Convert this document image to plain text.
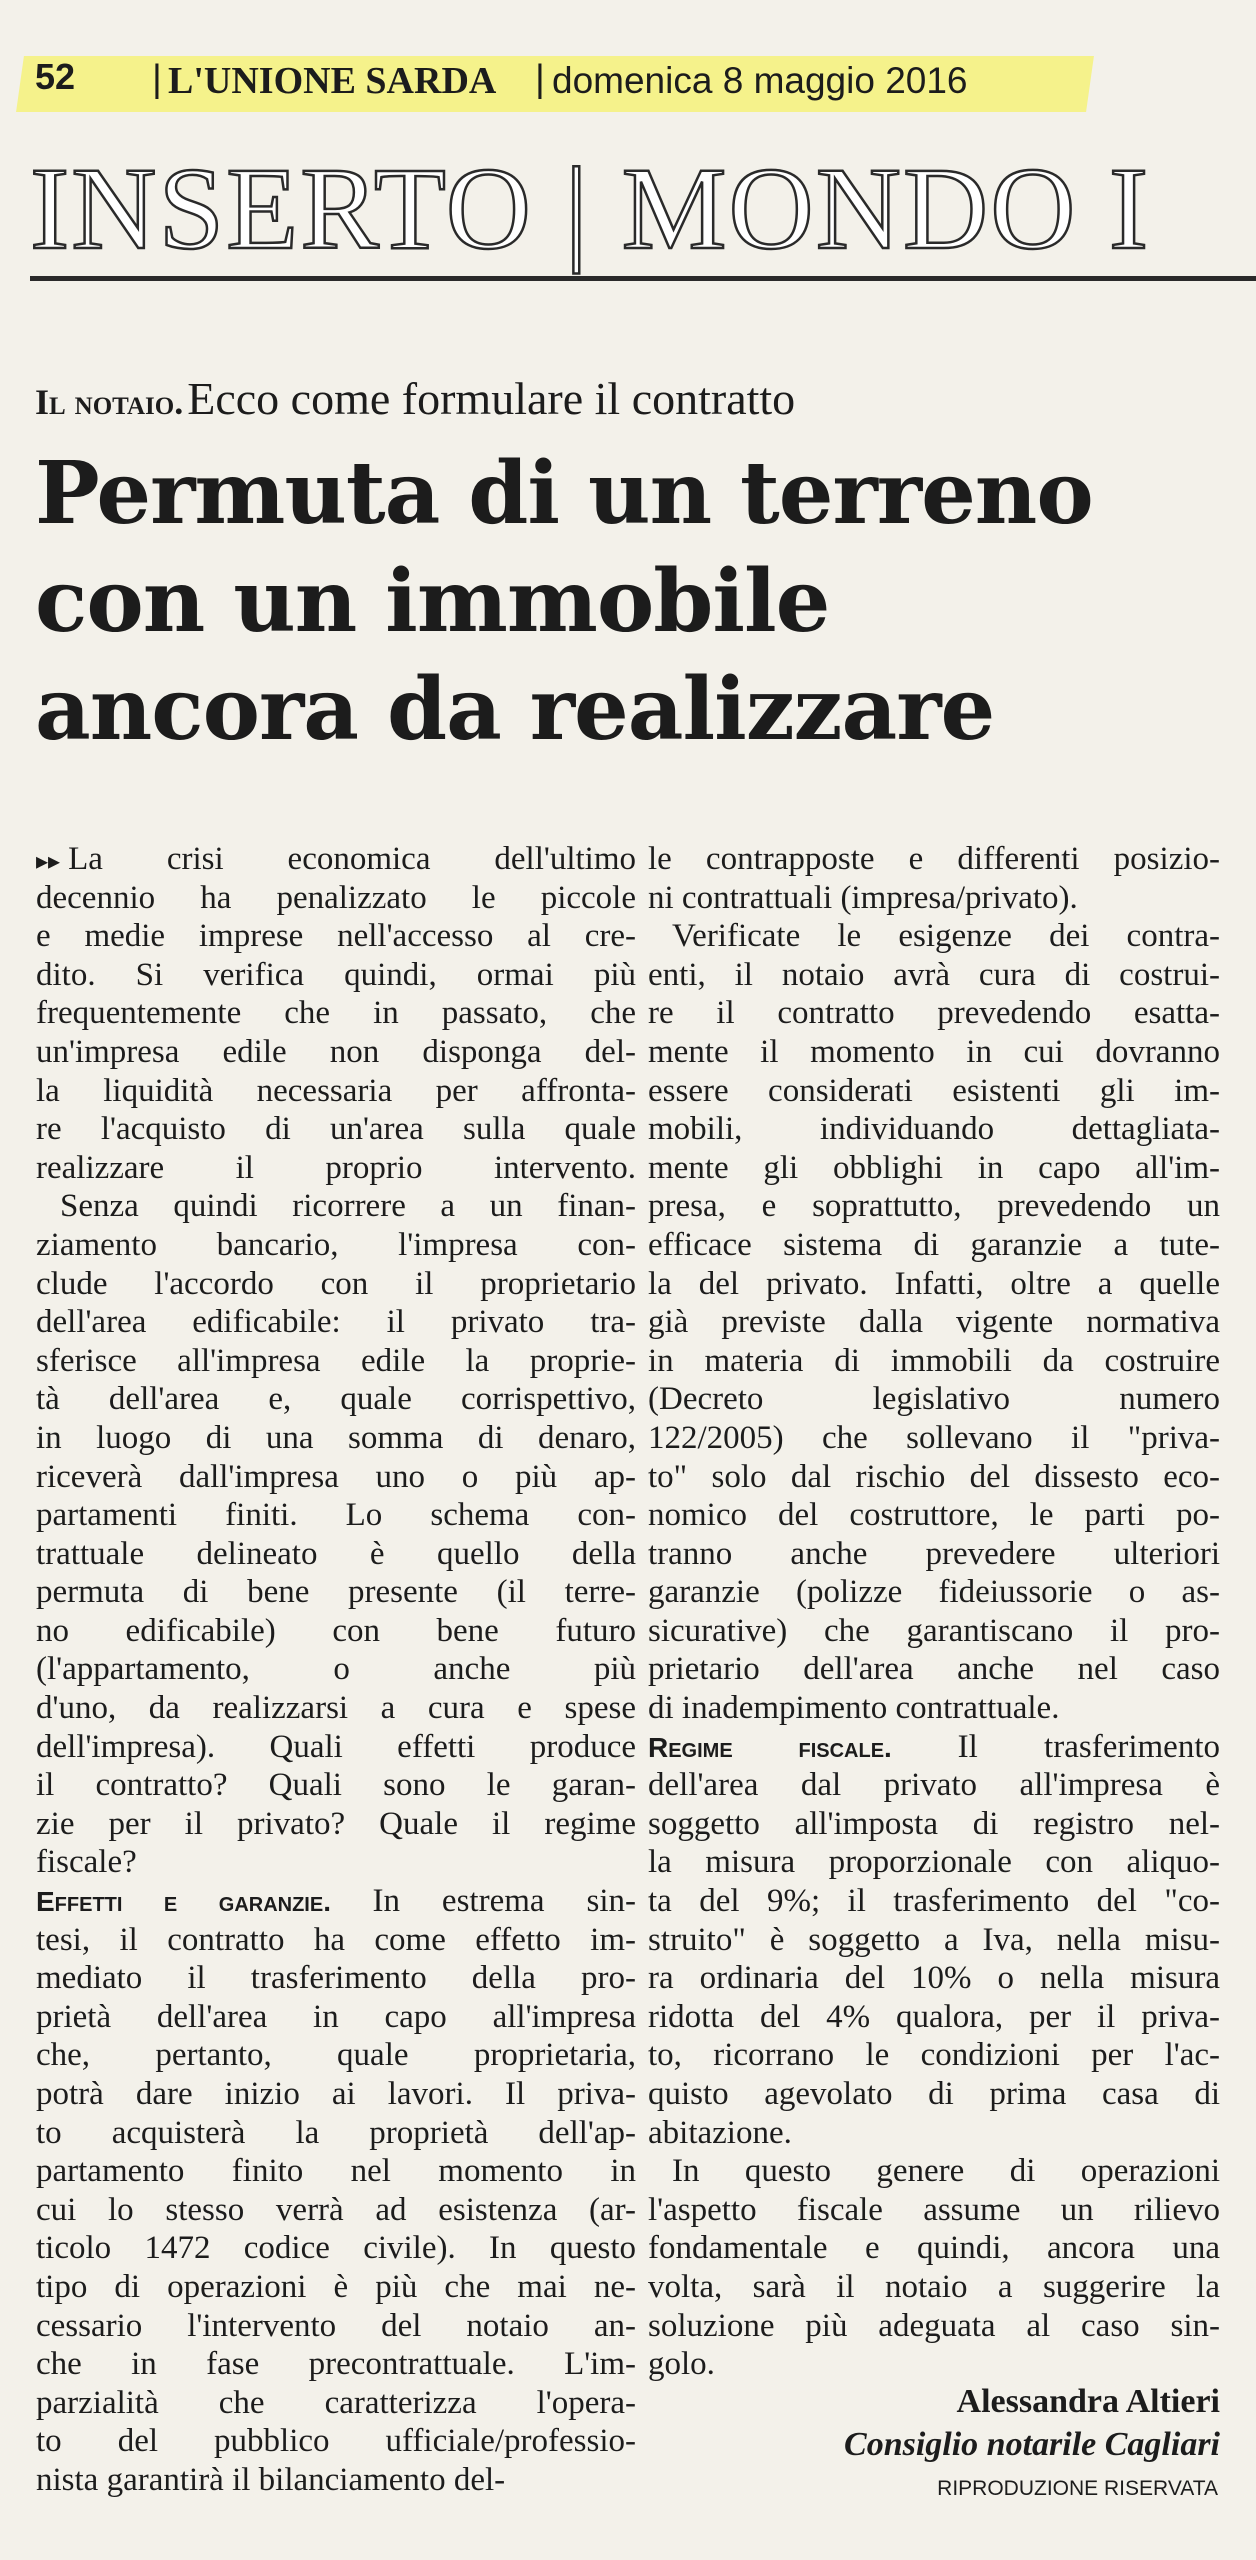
52 | L'UNIONE SARDA | domenica 8 maggio 2016
INSERTO | MONDO I
Il notaio. Ecco come formulare il contratto
Permuta di un terreno
con un immobile
ancora da realizzare
▸▸ La crisi economica dell'ultimo
decennio ha penalizzato le piccole
e medie imprese nell'accesso al cre-
dito. Si verifica quindi, ormai più
frequentemente che in passato, che
un'impresa edile non disponga del-
la liquidità necessaria per affronta-
re l'acquisto di un'area sulla quale
realizzare il proprio intervento.
Senza quindi ricorrere a un finan-
ziamento bancario, l'impresa con-
clude l'accordo con il proprietario
dell'area edificabile: il privato tra-
sferisce all'impresa edile la proprie-
tà dell'area e, quale corrispettivo,
in luogo di una somma di denaro,
riceverà dall'impresa uno o più ap-
partamenti finiti. Lo schema con-
trattuale delineato è quello della
permuta di bene presente (il terre-
no edificabile) con bene futuro
(l'appartamento, o anche più
d'uno, da realizzarsi a cura e spese
dell'impresa). Quali effetti produce
il contratto? Quali sono le garan-
zie per il privato? Quale il regime
fiscale?
Effetti e garanzie. In estrema sin-
tesi, il contratto ha come effetto im-
mediato il trasferimento della pro-
prietà dell'area in capo all'impresa
che, pertanto, quale proprietaria,
potrà dare inizio ai lavori. Il priva-
to acquisterà la proprietà dell'ap-
partamento finito nel momento in
cui lo stesso verrà ad esistenza (ar-
ticolo 1472 codice civile). In questo
tipo di operazioni è più che mai ne-
cessario l'intervento del notaio an-
che in fase precontrattuale. L'im-
parzialità che caratterizza l'opera-
to del pubblico ufficiale/professio-
nista garantirà il bilanciamento del-
le contrapposte e differenti posizio-
ni contrattuali (impresa/privato).
Verificate le esigenze dei contra-
enti, il notaio avrà cura di costrui-
re il contratto prevedendo esatta-
mente il momento in cui dovranno
essere considerati esistenti gli im-
mobili, individuando dettagliata-
mente gli obblighi in capo all'im-
presa, e soprattutto, prevedendo un
efficace sistema di garanzie a tute-
la del privato. Infatti, oltre a quelle
già previste dalla vigente normativa
in materia di immobili da costruire
(Decreto legislativo numero
122/2005) che sollevano il "priva-
to" solo dal rischio del dissesto eco-
nomico del costruttore, le parti po-
tranno anche prevedere ulteriori
garanzie (polizze fideiussorie o as-
sicurative) che garantiscano il pro-
prietario dell'area anche nel caso
di inadempimento contrattuale.
Regime fiscale. Il trasferimento
dell'area dal privato all'impresa è
soggetto all'imposta di registro nel-
la misura proporzionale con aliquo-
ta del 9%; il trasferimento del "co-
struito" è soggetto a Iva, nella misu-
ra ordinaria del 10% o nella misura
ridotta del 4% qualora, per il priva-
to, ricorrano le condizioni per l'ac-
quisto agevolato di prima casa di
abitazione.
In questo genere di operazioni
l'aspetto fiscale assume un rilievo
fondamentale e quindi, ancora una
volta, sarà il notaio a suggerire la
soluzione più adeguata al caso sin-
golo.
Alessandra Altieri
Consiglio notarile Cagliari
RIPRODUZIONE RISERVATA
